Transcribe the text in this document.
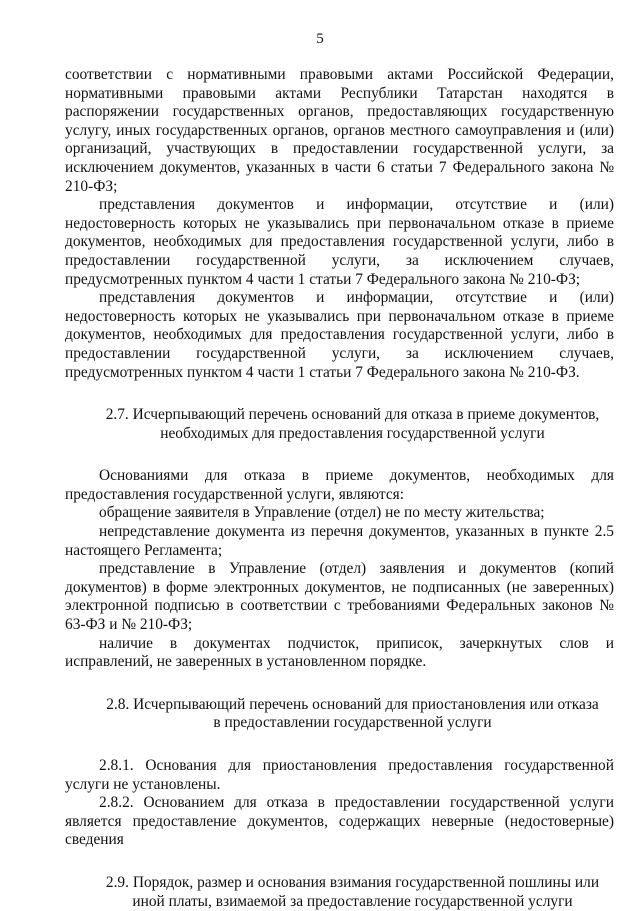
5

соответствии с нормативными правовыми актами Российской Федерации, нормативными правовыми актами Республики Татарстан находятся в распоряжении государственных органов, предоставляющих государственную услугу, иных государственных органов, органов местного самоуправления и (или) организаций, участвующих в предоставлении государственной услуги, за исключением документов, указанных в части 6 статьи 7 Федерального закона № 210-ФЗ;

представления документов и информации, отсутствие и (или) недостоверность которых не указывались при первоначальном отказе в приеме документов, необходимых для предоставления государственной услуги, либо в предоставлении государственной услуги, за исключением случаев, предусмотренных пунктом 4 части 1 статьи 7 Федерального закона № 210-ФЗ;

представления документов и информации, отсутствие и (или) недостоверность которых не указывались при первоначальном отказе в приеме документов, необходимых для предоставления государственной услуги, либо в предоставлении государственной услуги, за исключением случаев, предусмотренных пунктом 4 части 1 статьи 7 Федерального закона № 210-ФЗ.

2.7. Исчерпывающий перечень оснований для отказа в приеме документов, необходимых для предоставления государственной услуги

Основаниями для отказа в приеме документов, необходимых для предоставления государственной услуги, являются:

обращение заявителя в Управление (отдел) не по месту жительства;

непредставление документа из перечня документов, указанных в пункте 2.5 настоящего Регламента;

представление в Управление (отдел) заявления и документов (копий документов) в форме электронных документов, не подписанных (не заверенных) электронной подписью в соответствии с требованиями Федеральных законов № 63-ФЗ и № 210-ФЗ;

наличие в документах подчисток, приписок, зачеркнутых слов и исправлений, не заверенных в установленном порядке.

2.8. Исчерпывающий перечень оснований для приостановления или отказа в предоставлении государственной услуги

2.8.1. Основания для приостановления предоставления государственной услуги не установлены.

2.8.2. Основанием для отказа в предоставлении государственной услуги является предоставление документов, содержащих неверные (недостоверные) сведения

2.9. Порядок, размер и основания взимания государственной пошлины или иной платы, взимаемой за предоставление государственной услуги
